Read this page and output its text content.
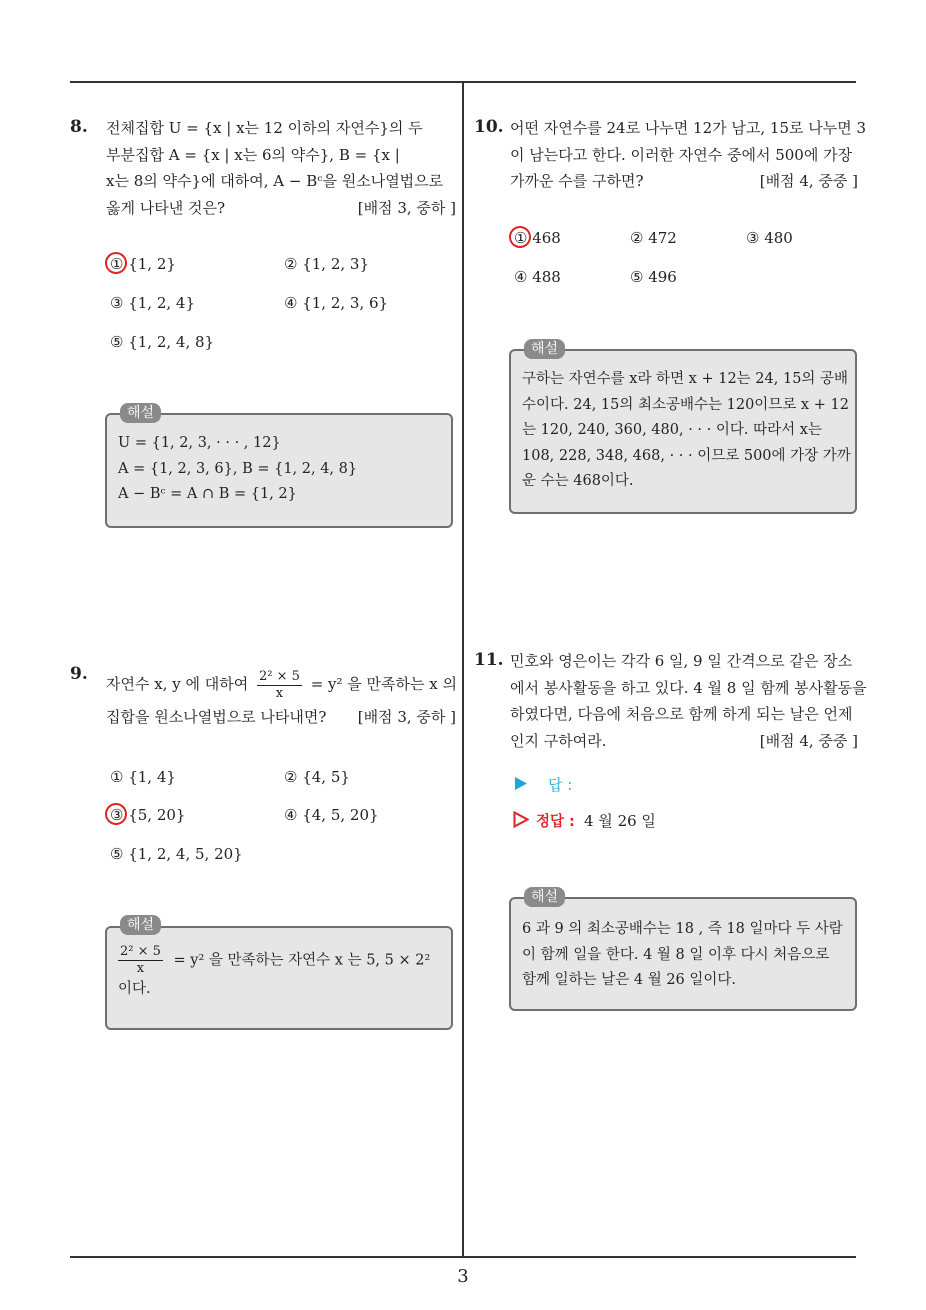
8. 전체집합 U = {x | x는 12 이하의 자연수}의 두
부분집합 A = {x | x는 6의 약수}, B = {x |
x는 8의 약수}에 대하여, A − Bᶜ을 원소나열법으로
옳게 나타낸 것은?	[배점 3, 중하 ]
① {1, 2}	② {1, 2, 3}
③ {1, 2, 4}	④ {1, 2, 3, 6}
⑤ {1, 2, 4, 8}
해설
U = {1, 2, 3, · · · , 12}
A = {1, 2, 3, 6}, B = {1, 2, 4, 8}
A − Bᶜ = A ∩ B = {1, 2}
9. 자연수 x, y 에 대하여 $\frac{\text{2² × 5}}{x} = y^2$ 을 만족하는 x 의
집합을 원소나열법으로 나타내면? [배점 3, 중하 ]
① {1, 4}	② {4, 5}
③ {5, 20}	④ {4, 5, 20}
⑤ {1, 2, 4, 5, 20}
해설
$\frac{\text{2² × 5}}{x} = y^2$ 을 만족하는 자연수 x 는 5, 5 × 2²
이다.
10. 어떤 자연수를 24로 나누면 12가 남고, 15로 나누면 3
이 남는다고 한다. 이러한 자연수 중에서 500에 가장
가까운 수를 구하면?	[배점 4, 중중 ]
① 468	② 472	③ 480
④ 488	⑤ 496
해설
구하는 자연수를 x라 하면 x + 12는 24, 15의 공배
수이다. 24, 15의 최소공배수는 120이므로 x + 12
는 120, 240, 360, 480, · · · 이다. 따라서 x는
108, 228, 348, 468, · · · 이므로 500에 가장 가까
운 수는 468이다.
11. 민호와 영은이는 각각 6 일, 9 일 간격으로 같은 장소
에서 봉사활동을 하고 있다. 4 월 8 일 함께 봉사활동을
하였다면, 다음에 처음으로 함께 하게 되는 날은 언제
인지 구하여라.	[배점 4, 중중 ]
답 :
정답 : 4 월 26 일
해설
6 과 9 의 최소공배수는 18 , 즉 18 일마다 두 사람
이 함께 일을 한다. 4 월 8 일 이후 다시 처음으로
함께 일하는 날은 4 월 26 일이다.
3
